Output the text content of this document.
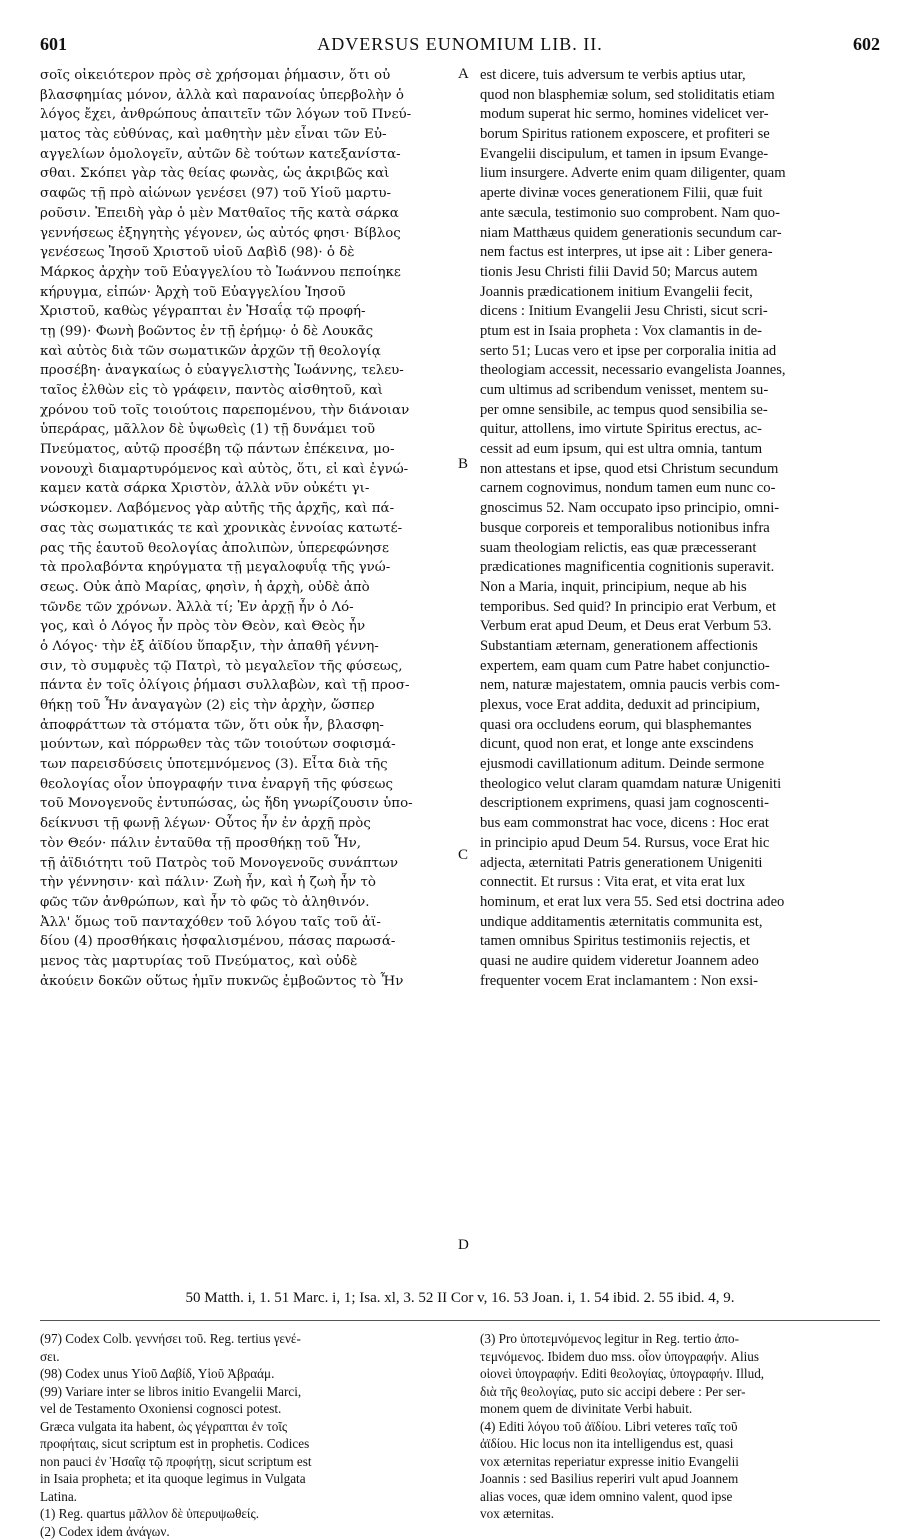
601	ADVERSUS EUNOMIUM LIB. II.	602
σοῖς οἰκειότερον πρὸς σὲ χρήσομαι ῥήμασιν, ὅτι οὐ
βλασφημίας μόνον, ἀλλὰ καὶ παρανοίας ὑπερβολὴν ὁ
λόγος ἔχει, ἀνθρώπους ἀπαιτεῖν τῶν λόγων τοῦ Πνεύ-
ματος τὰς εὐθύνας, καὶ μαθητὴν μὲν εἶναι τῶν Εὐ-
αγγελίων ὁμολογεῖν, αὐτῶν δὲ τούτων κατεξανίστα-
σθαι. Σκόπει γὰρ τὰς θείας φωνὰς, ὡς ἀκριβῶς καὶ
σαφῶς τῇ πρὸ αἰώνων γενέσει (97) τοῦ Υἱοῦ μαρτυ-
ροῦσιν. Ἐπειδὴ γὰρ ὁ μὲν Ματθαῖος τῆς κατὰ σάρκα
γεννήσεως ἐξηγητὴς γέγονεν, ὡς αὐτός φησι· Βίβλος
γενέσεως Ἰησοῦ Χριστοῦ υἱοῦ Δαβὶδ (98)· ὁ δὲ
Μάρκος ἀρχὴν τοῦ Εὐαγγελίου τὸ Ἰωάννου πεποίηκε
κήρυγμα, εἰπών· Ἀρχὴ τοῦ Εὐαγγελίου Ἰησοῦ
Χριστοῦ, καθὼς γέγραπται ἐν Ἡσαΐᾳ τῷ προφή-
τῃ (99)· Φωνὴ βοῶντος ἐν τῇ ἐρήμῳ· ὁ δὲ Λουκᾶς
καὶ αὐτὸς διὰ τῶν σωματικῶν ἀρχῶν τῇ θεολογίᾳ
προσέβη· ἀναγκαίως ὁ εὐαγγελιστὴς Ἰωάννης, τελευ-
ταῖος ἐλθὼν εἰς τὸ γράφειν, παντὸς αἰσθητοῦ, καὶ
χρόνου τοῦ τοῖς τοιούτοις παρεπομένου, τὴν διάνοιαν
ὑπεράρας, μᾶλλον δὲ ὑψωθεὶς (1) τῇ δυνάμει τοῦ
Πνεύματος, αὐτῷ προσέβη τῷ πάντων ἐπέκεινα, μο-
νονουχὶ διαμαρτυρόμενος καὶ αὐτὸς, ὅτι, εἰ καὶ ἐγνώ-
καμεν κατὰ σάρκα Χριστὸν, ἀλλὰ νῦν οὐκέτι γι-
νώσκομεν. Λαβόμενος γὰρ αὐτῆς τῆς ἀρχῆς, καὶ πά-
σας τὰς σωματικάς τε καὶ χρονικὰς ἐννοίας κατωτέ-
ρας τῆς ἑαυτοῦ θεολογίας ἀπολιπὼν, ὑπερεφώνησε
τὰ προλαβόντα κηρύγματα τῇ μεγαλοφυΐᾳ τῆς γνώ-
σεως. Οὐκ ἀπὸ Μαρίας, φησὶν, ἡ ἀρχὴ, οὐδὲ ἀπὸ
τῶνδε τῶν χρόνων. Ἀλλὰ τί; Ἐν ἀρχῇ ἦν ὁ Λό-
γος, καὶ ὁ Λόγος ἦν πρὸς τὸν Θεὸν, καὶ Θεὸς ἦν
ὁ Λόγος· τὴν ἐξ ἀϊδίου ὕπαρξιν, τὴν ἀπαθῆ γέννη-
σιν, τὸ συμφυὲς τῷ Πατρὶ, τὸ μεγαλεῖον τῆς φύσεως,
πάντα ἐν τοῖς ὀλίγοις ῥήμασι συλλαβὼν, καὶ τῇ προσ-
θήκῃ τοῦ Ἦν ἀναγαγὼν (2) εἰς τὴν ἀρχὴν, ὥσπερ
ἀποφράττων τὰ στόματα τῶν, ὅτι οὐκ ἦν, βλασφη-
μούντων, καὶ πόρρωθεν τὰς τῶν τοιούτων σοφισμά-
των παρεισδύσεις ὑποτεμνόμενος (3). Εἶτα διὰ τῆς
θεολογίας οἷον ὑπογραφήν τινα ἐναργῆ τῆς φύσεως
τοῦ Μονογενοῦς ἐντυπώσας, ὡς ἤδη γνωρίζουσιν ὑπο-
δείκνυσι τῇ φωνῇ λέγων· Οὗτος ἦν ἐν ἀρχῇ πρὸς
τὸν Θεόν· πάλιν ἐνταῦθα τῇ προσθήκῃ τοῦ Ἦν,
τῇ ἀϊδιότητι τοῦ Πατρὸς τοῦ Μονογενοῦς συνάπτων
τὴν γέννησιν· καὶ πάλιν· Ζωὴ ἦν, καὶ ἡ ζωὴ ἦν τὸ
φῶς τῶν ἀνθρώπων, καὶ ἦν τὸ φῶς τὸ ἀληθινόν.
Ἀλλ' ὅμως τοῦ πανταχόθεν τοῦ λόγου ταῖς τοῦ ἀϊ-
δίου (4) προσθήκαις ἠσφαλισμένου, πάσας παρωσά-
μενος τὰς μαρτυρίας τοῦ Πνεύματος, καὶ οὐδὲ
ἀκούειν δοκῶν οὕτως ἡμῖν πυκνῶς ἐμβοῶντος τὸ Ἦν
est dicere, tuis adversum te verbis aptius utar,
quod non blasphemiæ solum, sed stoliditatis etiam
modum superat hic sermo, homines videlicet ver-
borum Spiritus rationem exposcere, et profiteri se
Evangelii discipulum, et tamen in ipsum Evange-
lium insurgere. Adverte enim quam diligenter, quam
aperte divinæ voces generationem Filii, quæ fuit
ante sæcula, testimonio suo comprobent. Nam quo-
niam Matthæus quidem generationis secundum car-
nem factus est interpres, ut ipse ait : Liber genera-
tionis Jesu Christi filii David 50; Marcus autem
Joannis prædicationem initium Evangelii fecit,
dicens : Initium Evangelii Jesu Christi, sicut scri-
ptum est in Isaia propheta : Vox clamantis in de-
serto 51; Lucas vero et ipse per corporalia initia ad
theologiam accessit, necessario evangelista Joannes,
cum ultimus ad scribendum venisset, mentem su-
per omne sensibile, ac tempus quod sensibilia se-
quitur, attollens, imo virtute Spiritus erectus, ac-
cessit ad eum ipsum, qui est ultra omnia, tantum
non attestans et ipse, quod etsi Christum secundum
carnem cognovimus, nondum tamen eum nunc co-
gnoscimus 52. Nam occupato ipso principio, omni-
busque corporeis et temporalibus notionibus infra
suam theologiam relictis, eas quæ præcesserant
prædicationes magnificentia cognitionis superavit.
Non a Maria, inquit, principium, neque ab his
temporibus. Sed quid? In principio erat Verbum, et
Verbum erat apud Deum, et Deus erat Verbum 53.
Substantiam æternam, generationem affectionis
expertem, eam quam cum Patre habet conjunctio-
nem, naturæ majestatem, omnia paucis verbis com-
plexus, voce Erat addita, deduxit ad principium,
quasi ora occludens eorum, qui blasphemantes
dicunt, quod non erat, et longe ante exscindens
ejusmodi cavillationum aditum. Deinde sermone
theologico velut claram quamdam naturæ Unigeniti
descriptionem exprimens, quasi jam cognoscenti-
bus eam commonstrat hac voce, dicens : Hoc erat
in principio apud Deum 54. Rursus, voce Erat hic
adjecta, æternitati Patris generationem Unigeniti
connectit. Et rursus : Vita erat, et vita erat lux
hominum, et erat lux vera 55. Sed etsi doctrina adeo
undique additamentis æternitatis communita est,
tamen omnibus Spiritus testimoniis rejectis, et
quasi ne audire quidem videretur Joannem adeo
frequenter vocem Erat inclamantem : Non exsi-
A
B
C
D
50 Matth. i, 1. 51 Marc. i, 1; Isa. xl, 3. 52 II Cor v, 16. 53 Joan. i, 1. 54 ibid. 2. 55 ibid. 4, 9.
(97) Codex Colb. γεννήσει τοῦ. Reg. tertius γενέ-
σει.
(98) Codex unus Υἱοῦ Δαβίδ, Υἱοῦ Ἀβραάμ.
(99) Variare inter se libros initio Evangelii Marci,
vel de Testamento Oxoniensi cognosci potest.
Græca vulgata ita habent, ὡς γέγραπται ἐν τοῖς
προφήταις, sicut scriptum est in prophetis. Codices
non pauci ἐν Ἡσαΐᾳ τῷ προφήτῃ, sicut scriptum est
in Isaia propheta; et ita quoque legimus in Vulgata
Latina.
(1) Reg. quartus μᾶλλον δὲ ὑπερυψωθείς.
(2) Codex idem ἀνάγων.
(3) Pro ὑποτεμνόμενος legitur in Reg. tertio ἀπο-
τεμνόμενος. Ibidem duo mss. οἷον ὑπογραφήν. Alius
οἱονεὶ ὑπογραφήν. Editi θεολογίας, ὑπογραφήν. Illud,
διὰ τῆς θεολογίας, puto sic accipi debere : Per ser-
monem quem de divinitate Verbi habuit.
(4) Editi λόγου τοῦ ἀϊδίου. Libri veteres ταῖς τοῦ
ἀϊδίου. Hic locus non ita intelligendus est, quasi
vox æternitas reperiatur expresse initio Evangelii
Joannis : sed Basilius reperiri vult apud Joannem
alias voces, quæ idem omnino valent, quod ipse
vox æternitas.
